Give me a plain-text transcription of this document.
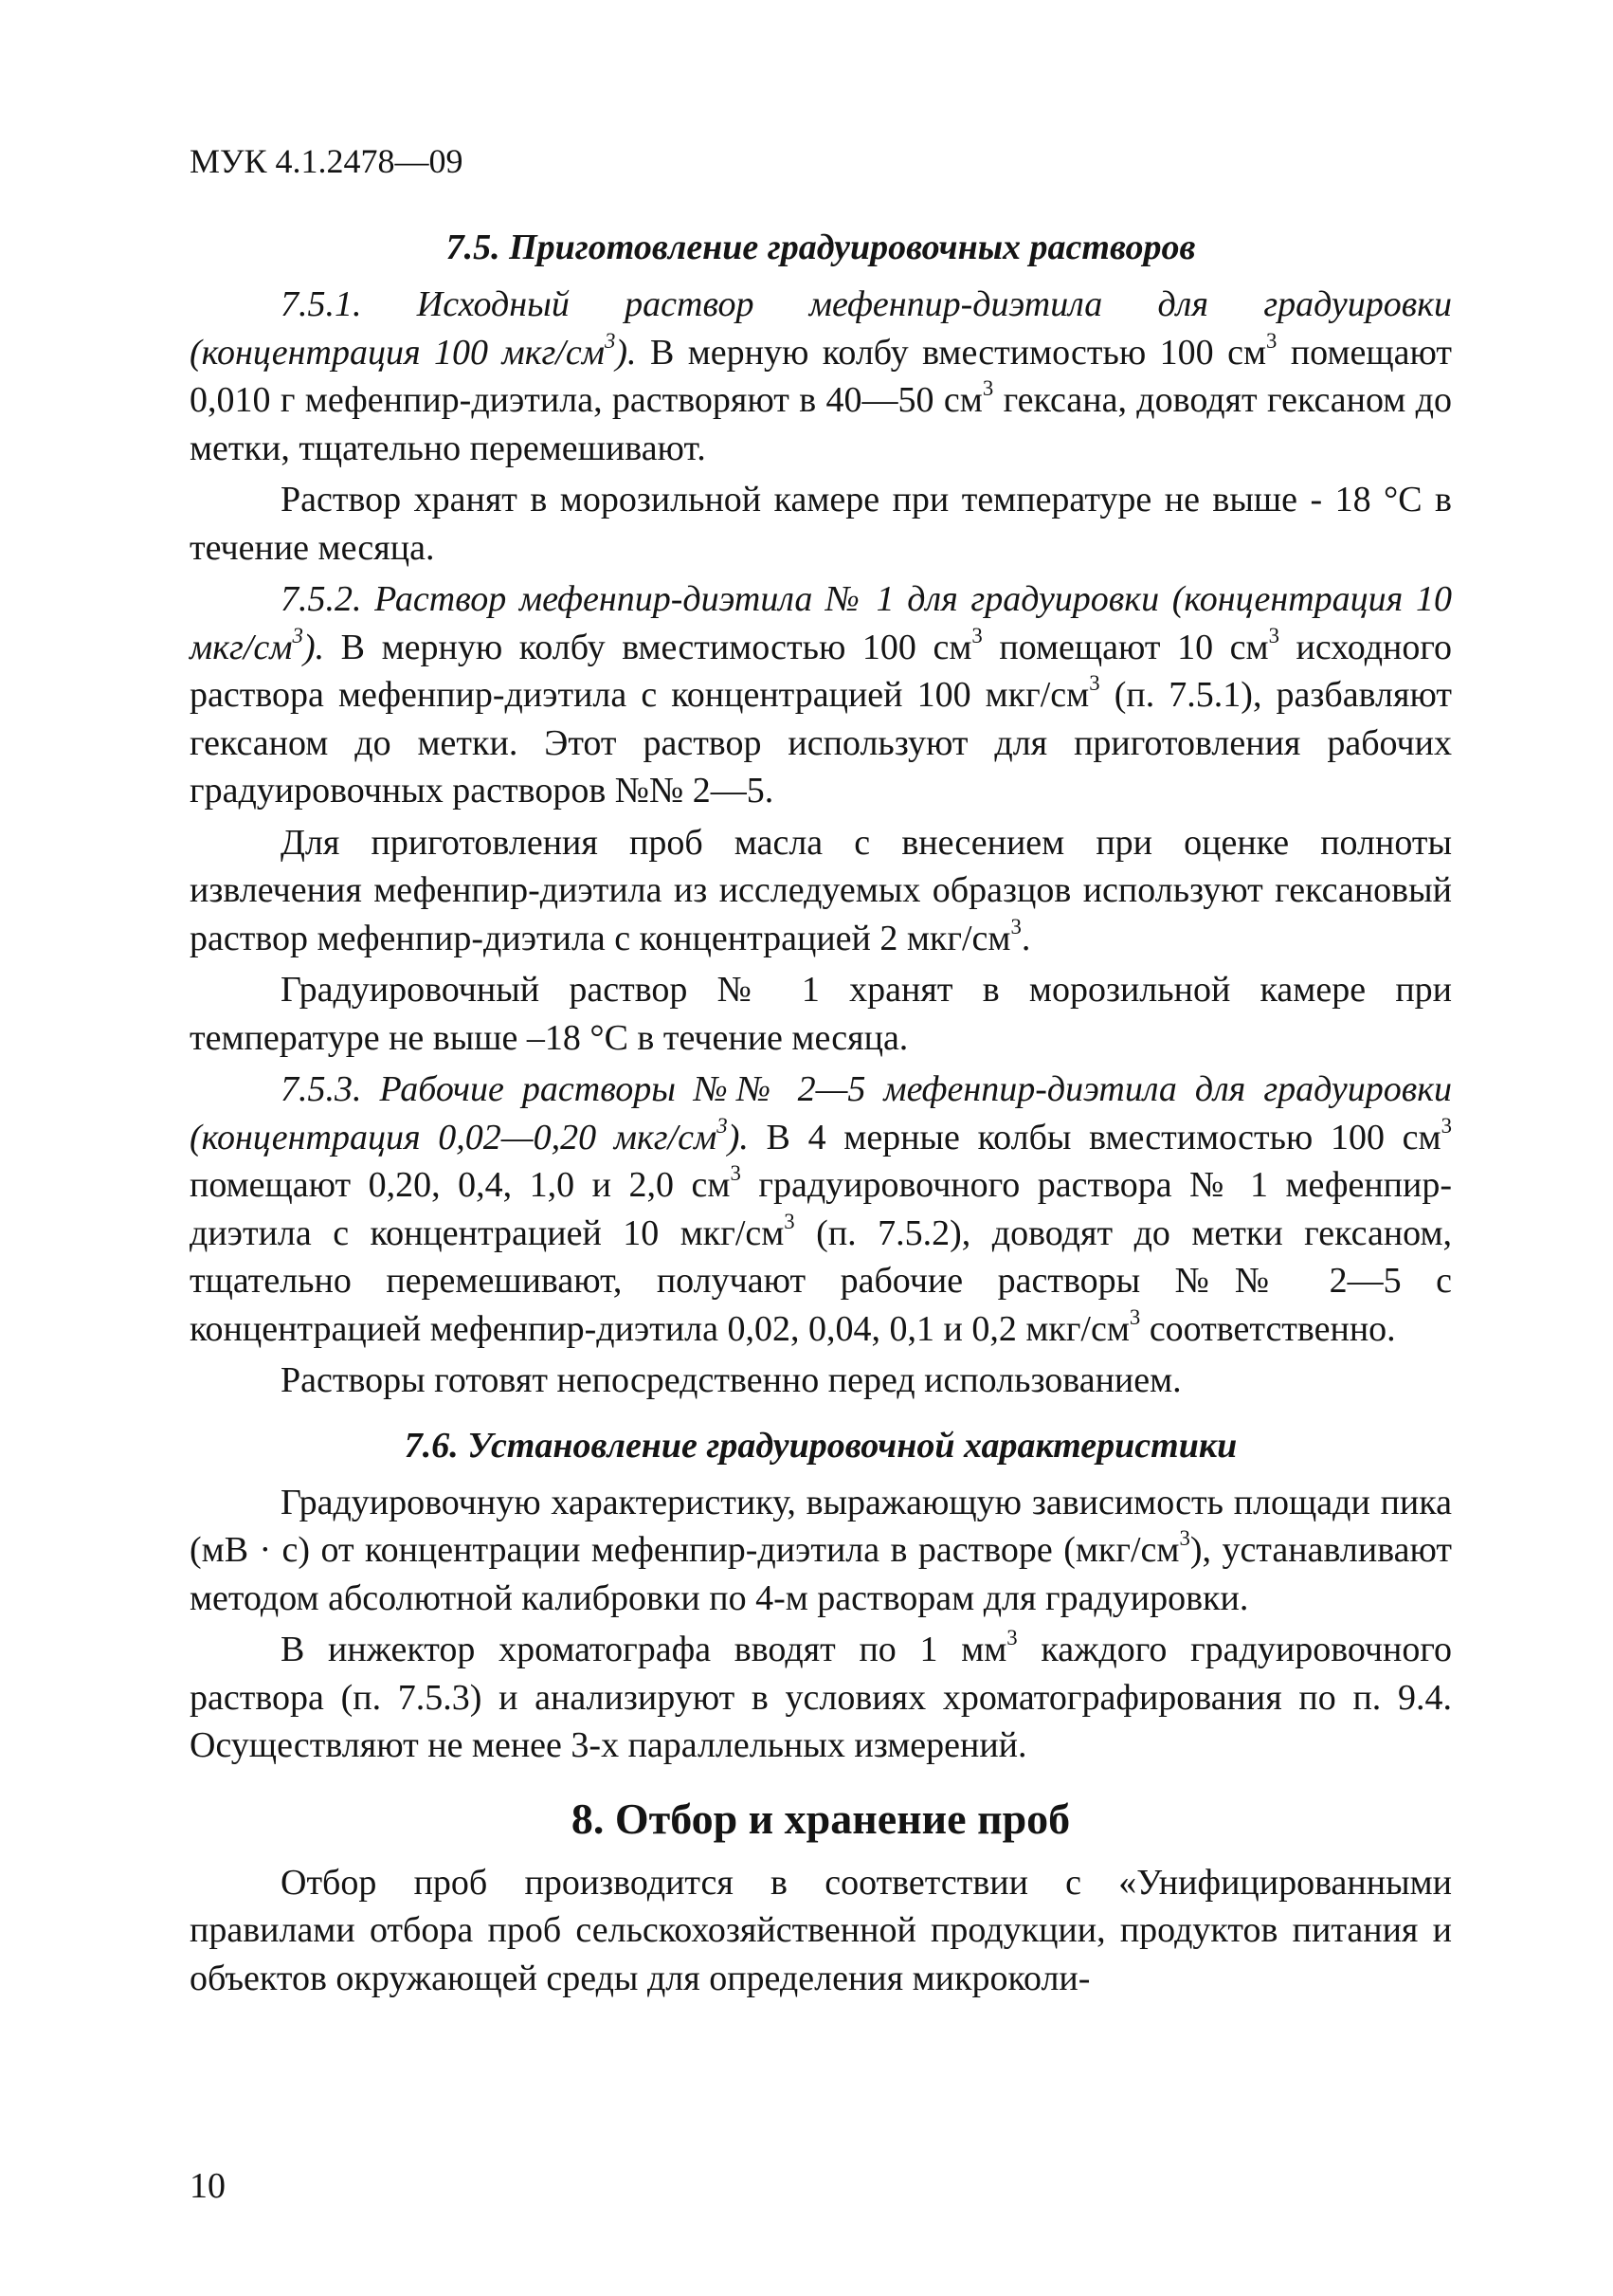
МУК 4.1.2478—09
7.5. Приготовление градуировочных растворов

7.5.1. Исходный раствор мефенпир-диэтила для градуировки (концентрация 100 мкг/$см^3$). В мерную колбу вместимостью 100 $см^3$ помещают 0,010 г мефенпир-диэтила, растворяют в 40—50 $см^3$ гексана, доводят гексаном до метки, тщательно перемешивают.

Раствор хранят в морозильной камере при температуре не выше - 18 °С в течение месяца.

7.5.2. Раствор мефенпир-диэтила № 1 для градуировки (концентрация 10 мкг/$см^3$). В мерную колбу вместимостью 100 $см^3$ помещают 10 $см^3$ исходного раствора мефенпир-диэтила с концентрацией 100 мкг/$см^3$ (п. 7.5.1), разбавляют гексаном до метки. Этот раствор используют для приготовления рабочих градуировочных растворов №№ 2—5.

Для приготовления проб масла с внесением при оценке полноты извлечения мефенпир-диэтила из исследуемых образцов используют гексановый раствор мефенпир-диэтила с концентрацией 2 мкг/$см^3$.

Градуировочный раствор № 1 хранят в морозильной камере при температуре не выше –18 °С в течение месяца.

7.5.3. Рабочие растворы №№ 2—5 мефенпир-диэтила для градуировки (концентрация 0,02—0,20 мкг/$см^3$). В 4 мерные колбы вместимостью 100 $см^3$ помещают 0,20, 0,4, 1,0 и 2,0 $см^3$ градуировочного раствора № 1 мефенпир-диэтила с концентрацией 10 мкг/$см^3$ (п. 7.5.2), доводят до метки гексаном, тщательно перемешивают, получают рабочие растворы №№ 2—5 с концентрацией мефенпир-диэтила 0,02, 0,04, 0,1 и 0,2 мкг/$см^3$ соответственно.

Растворы готовят непосредственно перед использованием.

7.6. Установление градуировочной характеристики

Градуировочную характеристику, выражающую зависимость площади пика (мВ · с) от концентрации мефенпир-диэтила в растворе $(мкг/см^3)$, устанавливают методом абсолютной калибровки по 4-м растворам для градуировки.

В инжектор хроматографа вводят по 1 $мм^3$ каждого градуировочного раствора (п. 7.5.3) и анализируют в условиях хроматографирования по п. 9.4. Осуществляют не менее 3-х параллельных измерений.

8. Отбор и хранение проб

Отбор проб производится в соответствии с «Унифицированными правилами отбора проб сельскохозяйственной продукции, продуктов питания и объектов окружающей среды для определения микроколи-

10
